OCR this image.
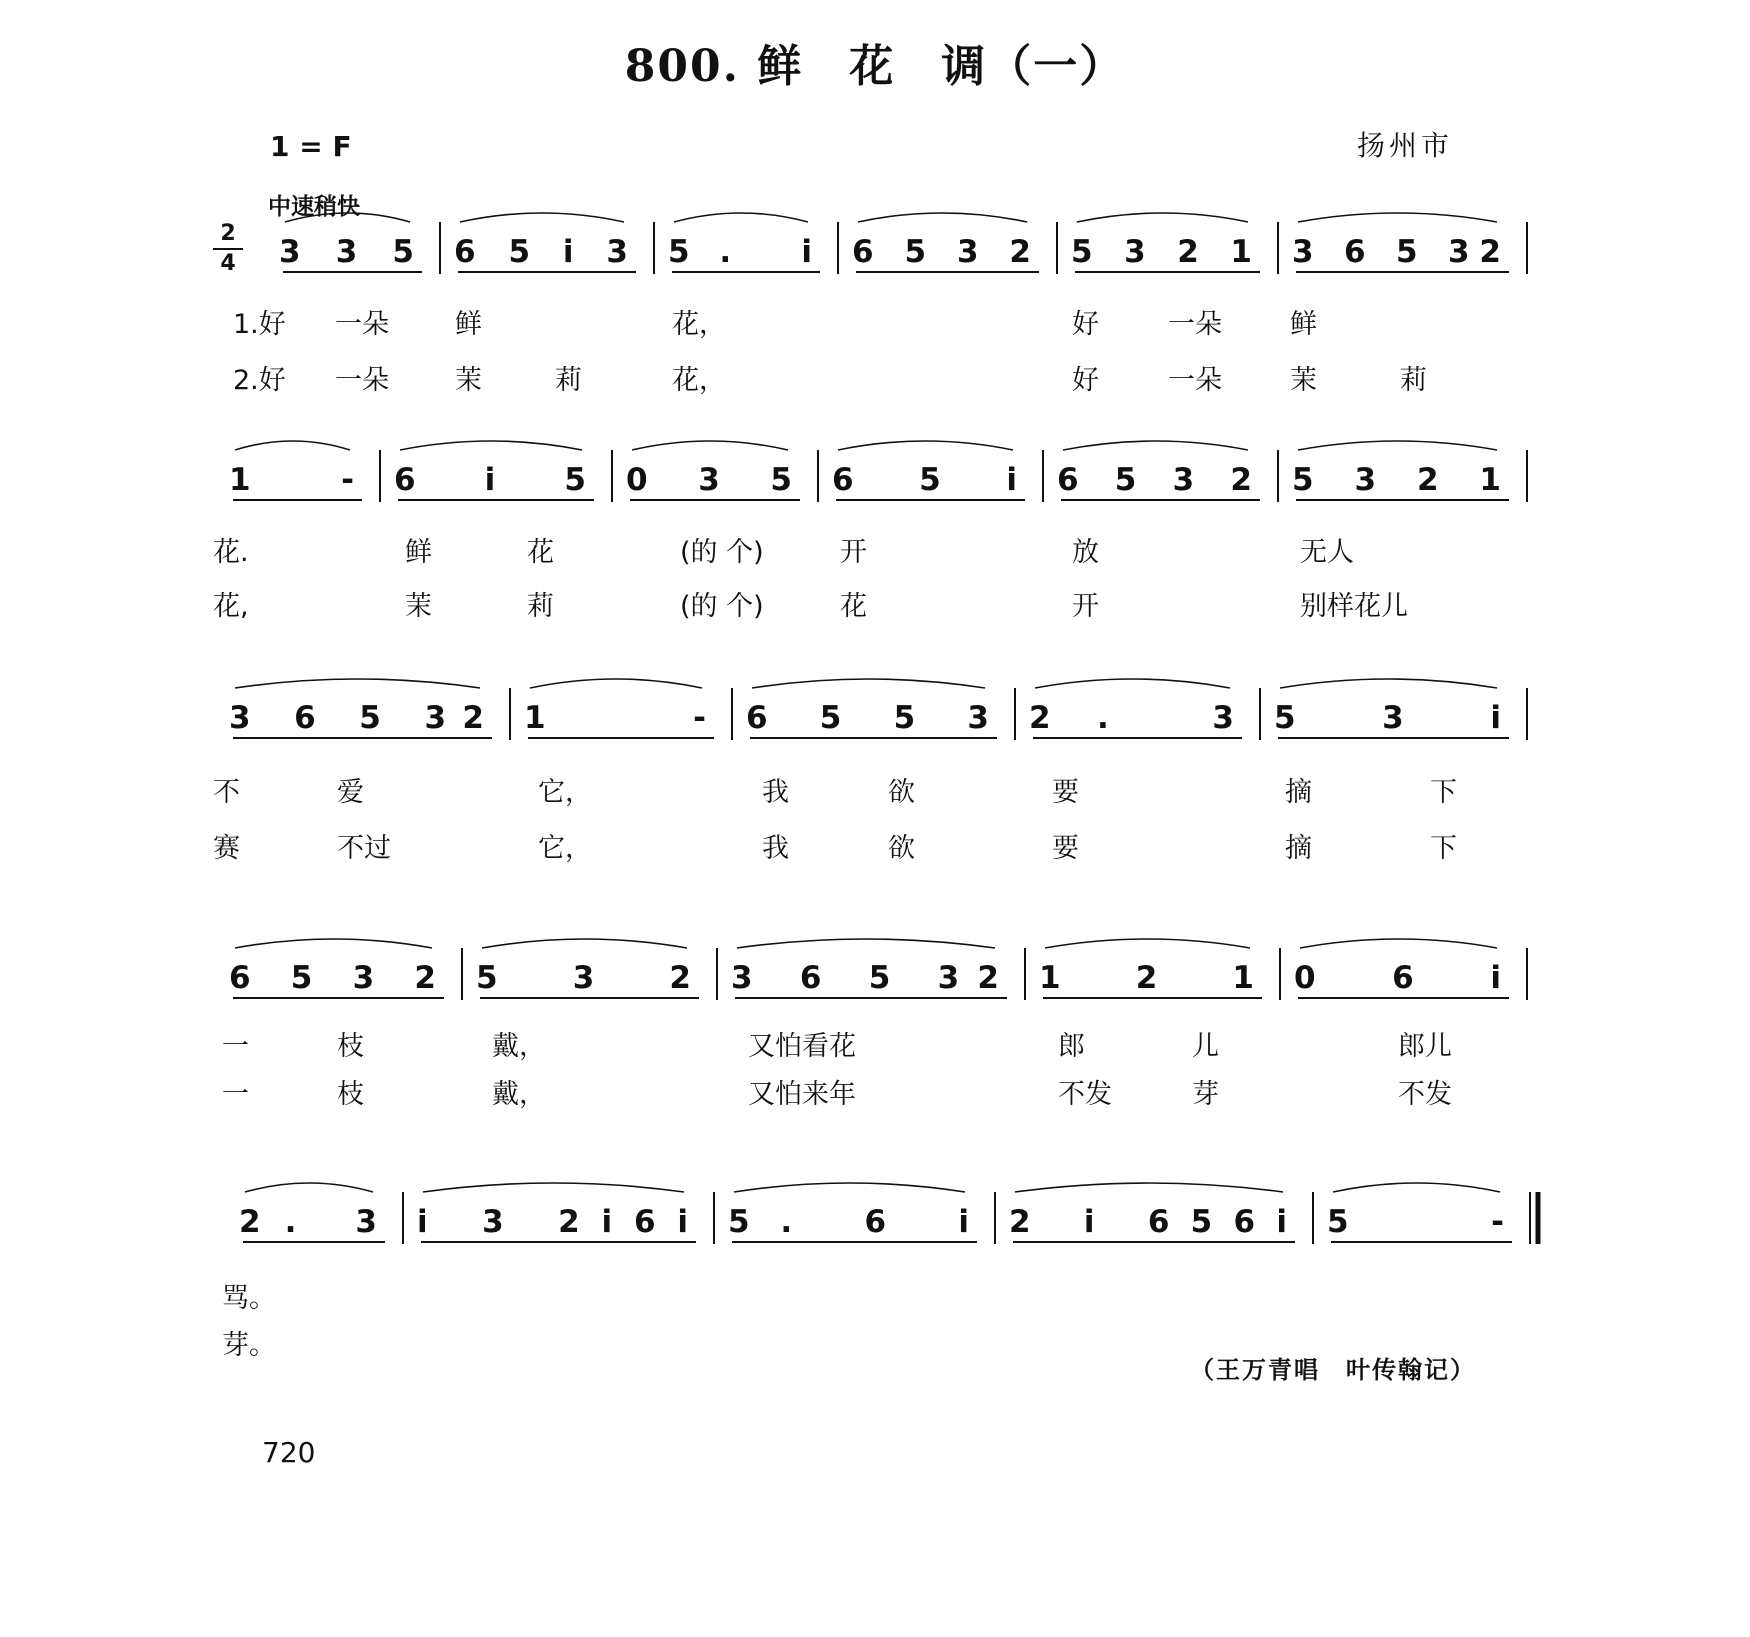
800. 鲜　花　调（一）
1 = F
中速稍快
扬州市
2
4 3 3 5 6 5 i 3 5. i 6 5 3 2 5 3 2 1 3 6 5 32
1 - 6 i 5 0 3 5 6 5 i 6 5 3 2 5 3 2 1
3 6 5 32 1 - 6 5 5 3 2. 3 5 3 i
6 5 3 2 5 3 2 3 6 5 32 1 2 1 0 6 i
2. 3 i 3 2i6i 5. 6 i 2 i 656i 5 -
1.好 一朵 鲜	花，	好	一朵	鲜
2.好 一朵 茉	莉	花，	好	一朵	茉	莉
花.	鲜	花	(的 个)	开	放	无人
花,	茉	莉	(的 个)	花	开	别样花儿
不	爱	它，	我	欲	要	摘	下
赛	不过	它，	我	欲	要	摘	下
一	枝	戴，	又怕看花	郎	儿	郎儿
一	枝	戴，	又怕来年	不发	芽	不发
骂。
芽。
（王万青唱　叶传翰记）
720
